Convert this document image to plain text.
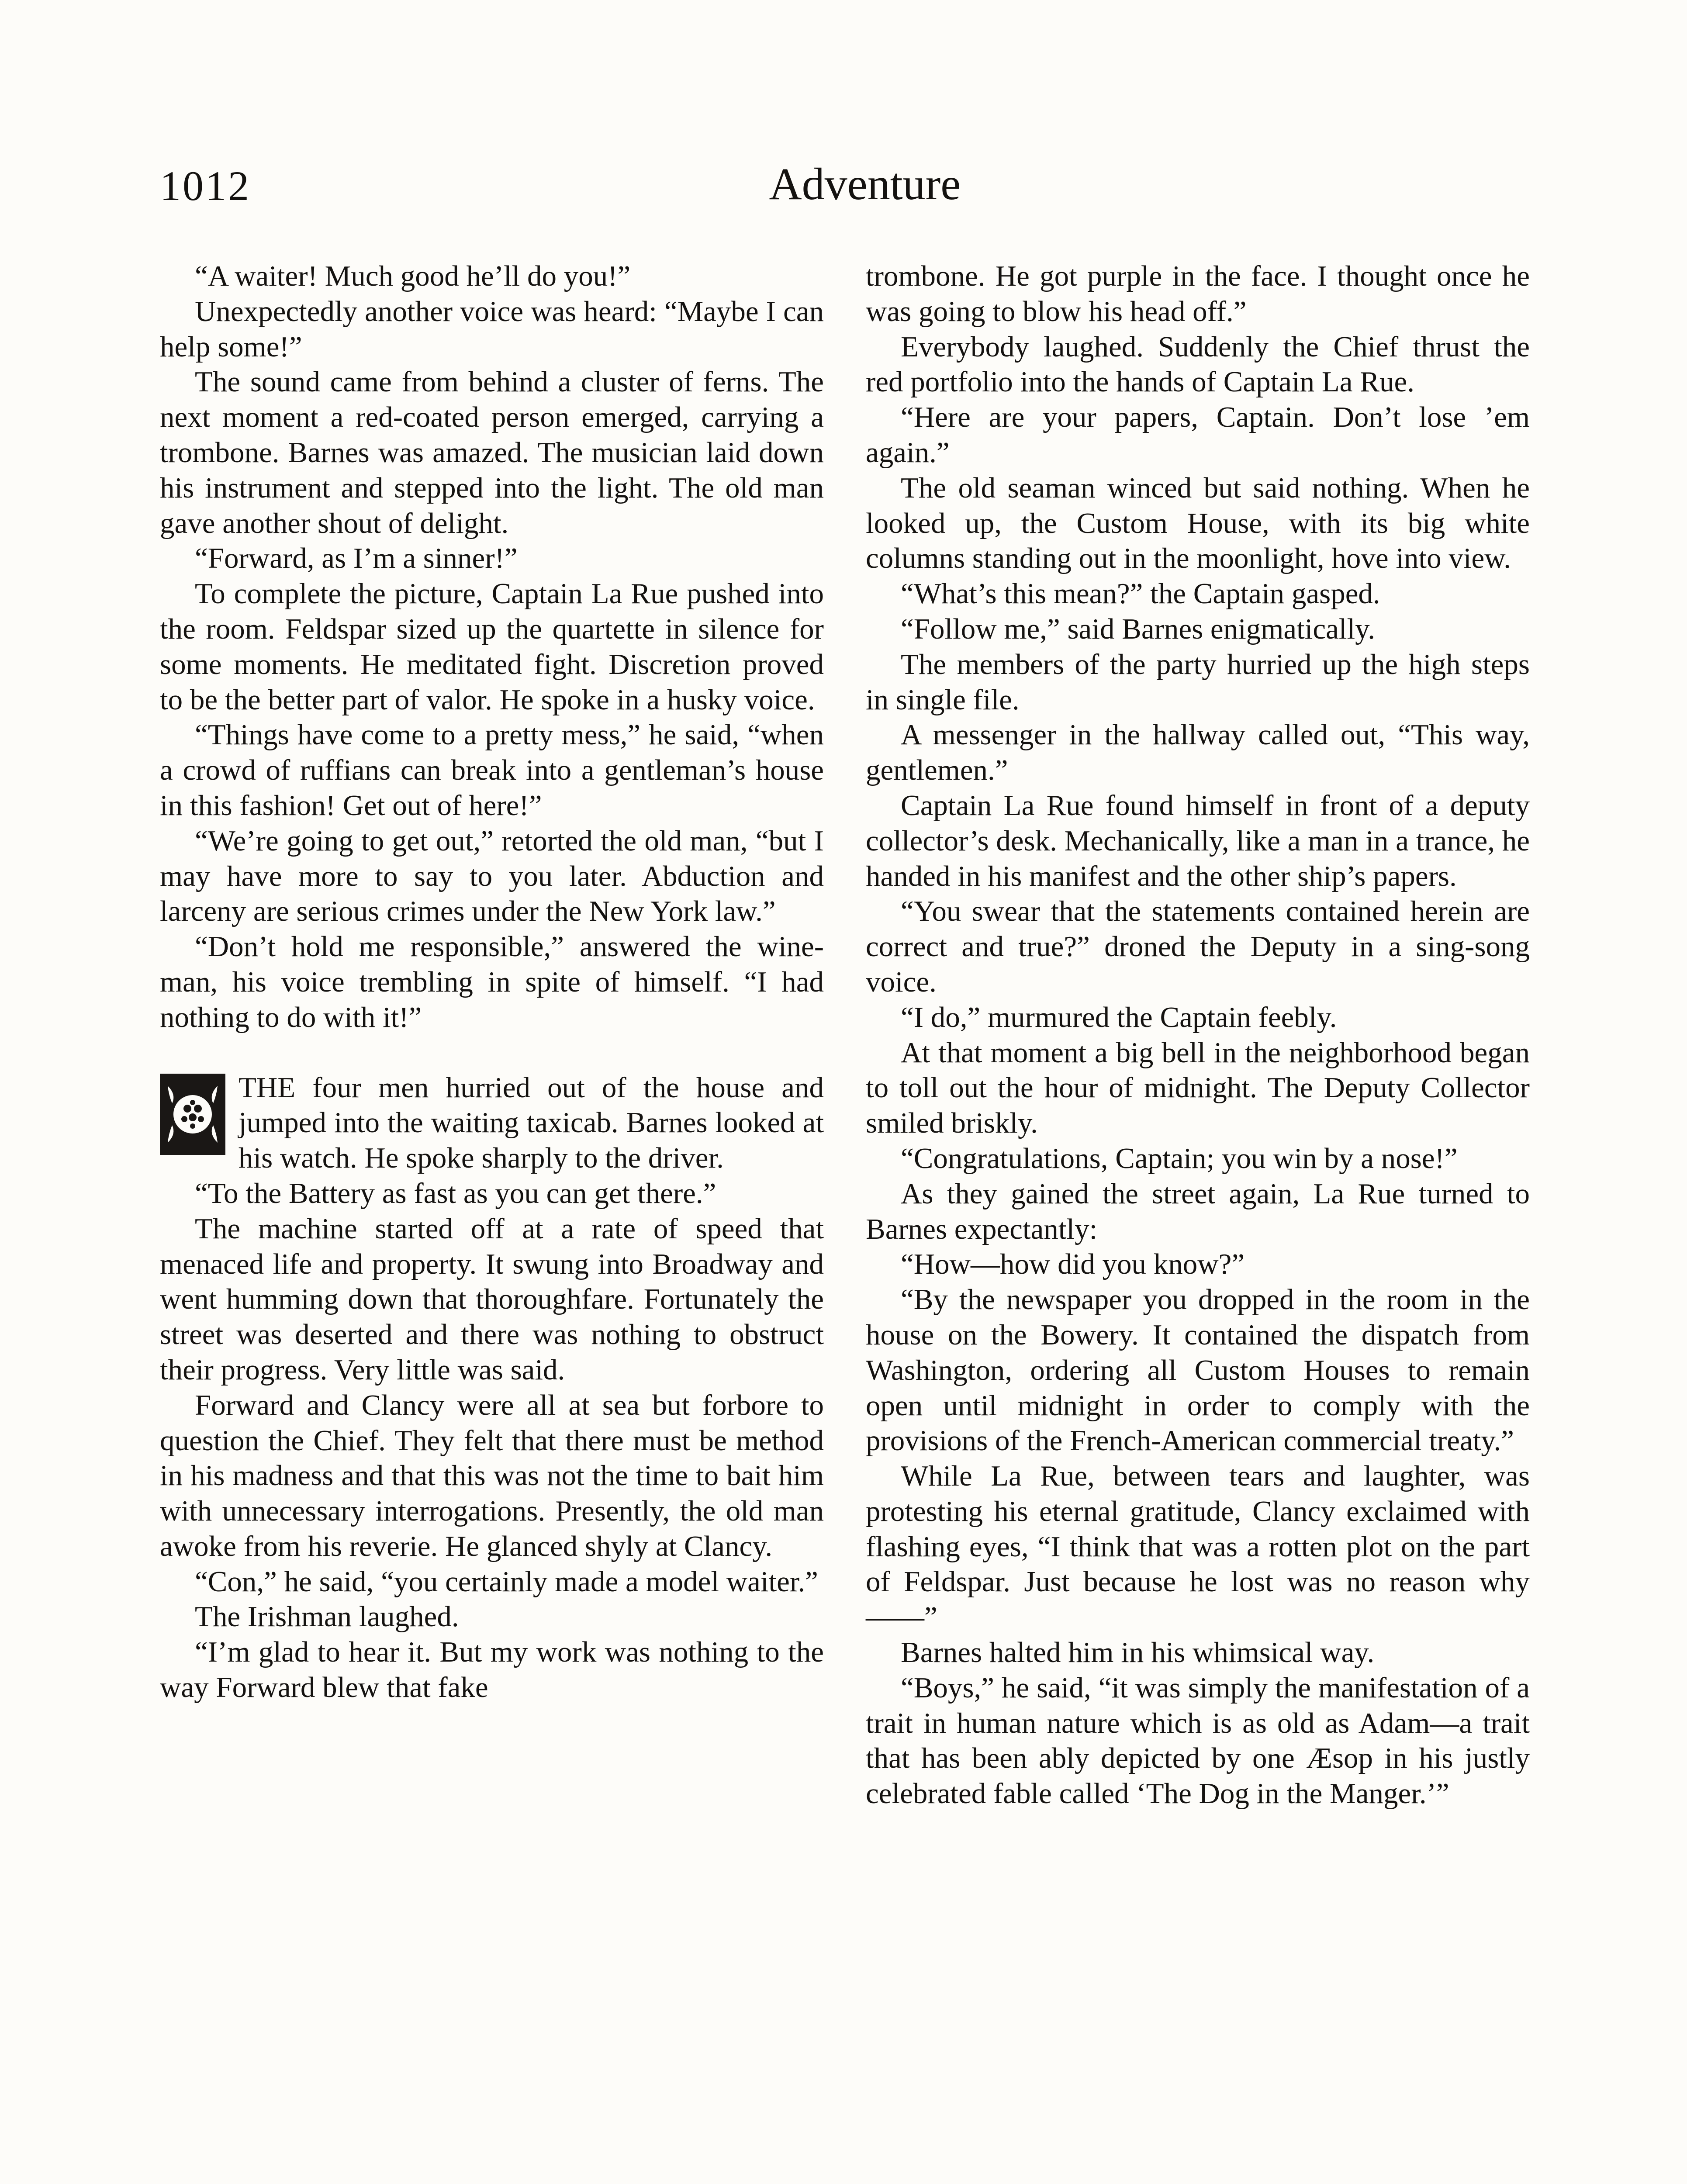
1012	Adventure

“A waiter! Much good he’ll do you!”

Unexpectedly another voice was heard: “Maybe I can help some!”

The sound came from behind a cluster of ferns. The next moment a red-coated person emerged, carrying a trombone. Barnes was amazed. The musician laid down his instrument and stepped into the light. The old man gave another shout of delight.

“Forward, as I’m a sinner!”

To complete the picture, Captain La Rue pushed into the room. Feldspar sized up the quartette in silence for some moments. He meditated fight. Discretion proved to be the better part of valor. He spoke in a husky voice.

“Things have come to a pretty mess,” he said, “when a crowd of ruffians can break into a gentleman’s house in this fashion! Get out of here!”

“We’re going to get out,” retorted the old man, “but I may have more to say to you later. Abduction and larceny are serious crimes under the New York law.”

“Don’t hold me responsible,” answered the wine-man, his voice trembling in spite of himself. “I had nothing to do with it!”

THE four men hurried out of the house and jumped into the waiting taxicab. Barnes looked at his watch. He spoke sharply to the driver.

“To the Battery as fast as you can get there.”

The machine started off at a rate of speed that menaced life and property. It swung into Broadway and went humming down that thoroughfare. Fortunately the street was deserted and there was nothing to obstruct their progress. Very little was said.

Forward and Clancy were all at sea but forbore to question the Chief. They felt that there must be method in his madness and that this was not the time to bait him with unnecessary interrogations. Presently, the old man awoke from his reverie. He glanced shyly at Clancy.

“Con,” he said, “you certainly made a model waiter.”

The Irishman laughed.

“I’m glad to hear it. But my work was nothing to the way Forward blew that fake

trombone. He got purple in the face. I thought once he was going to blow his head off.”

Everybody laughed. Suddenly the Chief thrust the red portfolio into the hands of Captain La Rue.

“Here are your papers, Captain. Don’t lose ’em again.”

The old seaman winced but said nothing. When he looked up, the Custom House, with its big white columns standing out in the moonlight, hove into view.

“What’s this mean?” the Captain gasped.

“Follow me,” said Barnes enigmatically.

The members of the party hurried up the high steps in single file.

A messenger in the hallway called out, “This way, gentlemen.”

Captain La Rue found himself in front of a deputy collector’s desk. Mechanically, like a man in a trance, he handed in his manifest and the other ship’s papers.

“You swear that the statements contained herein are correct and true?” droned the Deputy in a sing-song voice.

“I do,” murmured the Captain feebly.

At that moment a big bell in the neighborhood began to toll out the hour of midnight. The Deputy Collector smiled briskly.

“Congratulations, Captain; you win by a nose!”

As they gained the street again, La Rue turned to Barnes expectantly:

“How—how did you know?”

“By the newspaper you dropped in the room in the house on the Bowery. It contained the dispatch from Washington, ordering all Custom Houses to remain open until midnight in order to comply with the provisions of the French-American commercial treaty.”

While La Rue, between tears and laughter, was protesting his eternal gratitude, Clancy exclaimed with flashing eyes, “I think that was a rotten plot on the part of Feldspar. Just because he lost was no reason why——”

Barnes halted him in his whimsical way.

“Boys,” he said, “it was simply the manifestation of a trait in human nature which is as old as Adam—a trait that has been ably depicted by one Æsop in his justly celebrated fable called ‘The Dog in the Manger.’”
